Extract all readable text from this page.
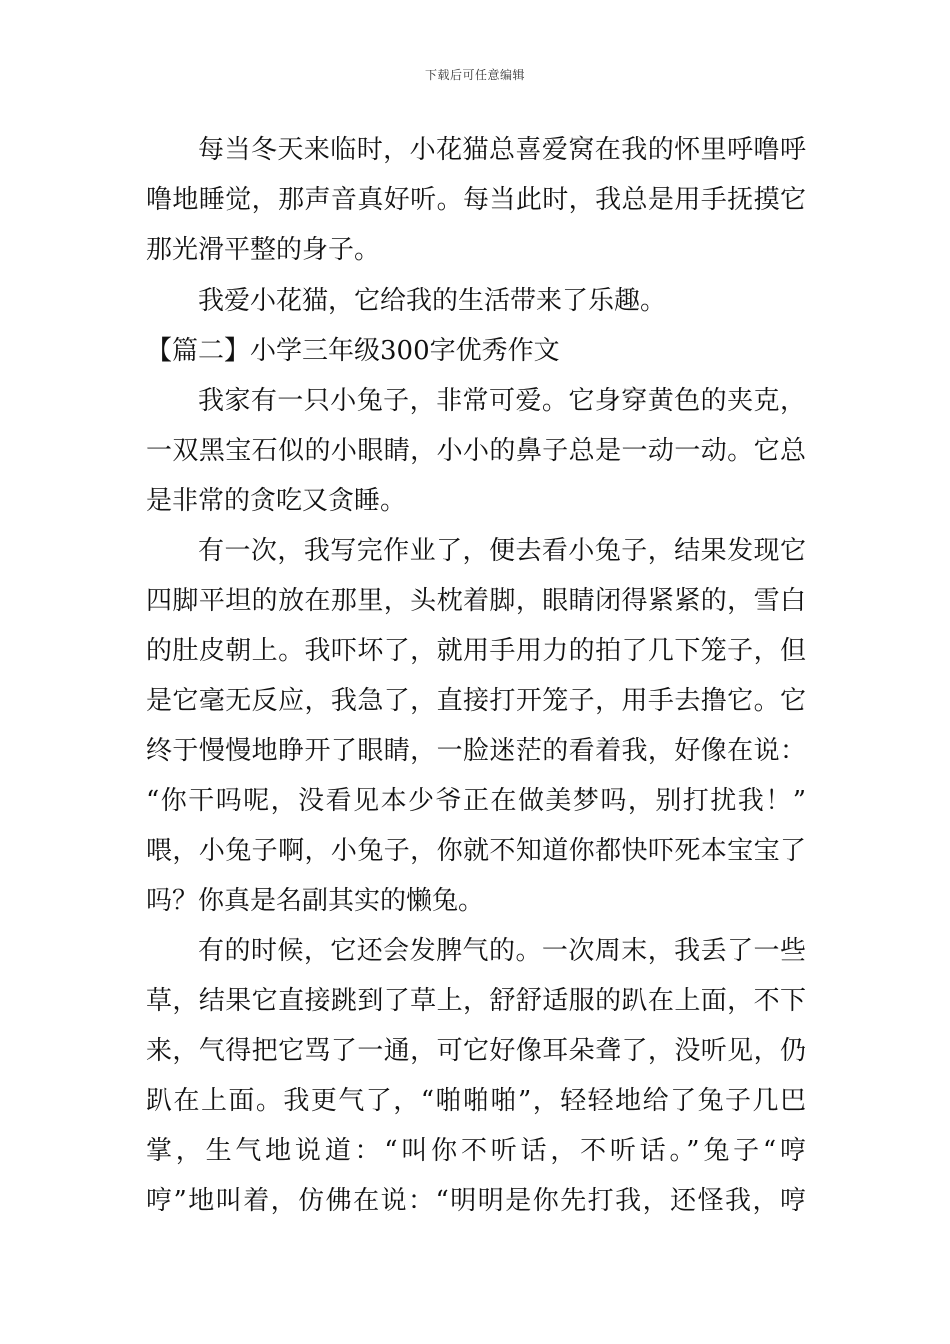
下载后可任意编辑
每当冬天来临时，小花猫总喜爱窝在我的怀里呼噜呼
噜地睡觉，那声音真好听。每当此时，我总是用手抚摸它
那光滑平整的身子。
我爱小花猫，它给我的生活带来了乐趣。
【篇二】小学三年级300字优秀作文
我家有一只小兔子，非常可爱。它身穿黄色的夹克，
一双黑宝石似的小眼睛，小小的鼻子总是一动一动。它总
是非常的贪吃又贪睡。
有一次，我写完作业了，便去看小兔子，结果发现它
四脚平坦的放在那里，头枕着脚，眼睛闭得紧紧的，雪白
的肚皮朝上。我吓坏了，就用手用力的拍了几下笼子，但
是它毫无反应，我急了，直接打开笼子，用手去撸它。它
终于慢慢地睁开了眼睛，一脸迷茫的看着我，好像在说：
“你干吗呢，没看见本少爷正在做美梦吗，别打扰我！”
喂，小兔子啊，小兔子，你就不知道你都快吓死本宝宝了
吗？你真是名副其实的懒兔。
有的时候，它还会发脾气的。一次周末，我丢了一些
草，结果它直接跳到了草上，舒舒适服的趴在上面，不下
来，气得把它骂了一通，可它好像耳朵聋了，没听见，仍
趴在上面。我更气了，“啪啪啪”，轻轻地给了兔子几巴
掌，生气地说道：“叫你不听话，不听话。”兔子“哼
哼”地叫着，仿佛在说：“明明是你先打我，还怪我，哼
